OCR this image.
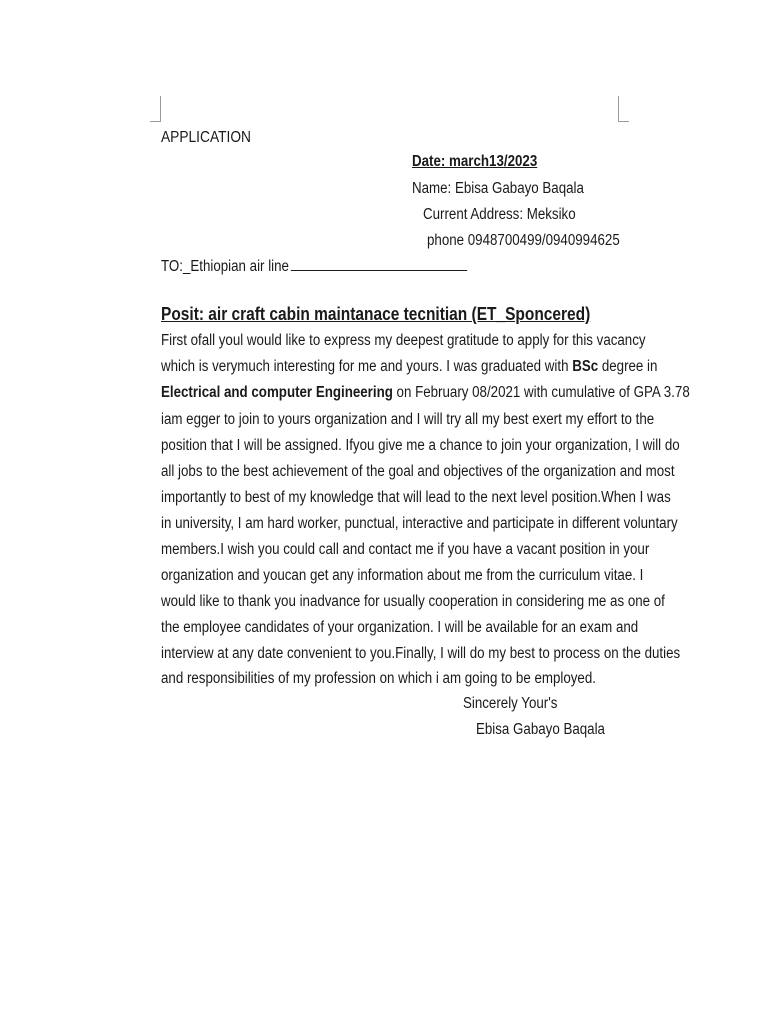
APPLICATION
Date: march13/2023
Name: Ebisa Gabayo Baqala
Current Address: Meksiko
phone 0948700499/0940994625
TO:_Ethiopian air line
Posit: air craft cabin maintanace tecnitian (ET_Sponcered)
First ofall youl would like to express my deepest gratitude to apply for this vacancy
which is verymuch interesting for me and yours. I was graduated with BSc degree in
Electrical and computer Engineering on February 08/2021 with cumulative of GPA 3.78
iam egger to join to yours organization and I will try all my best exert my effort to the
position that I will be assigned. Ifyou give me a chance to join your organization, I will do
all jobs to the best achievement of the goal and objectives of the organization and most
importantly to best of my knowledge that will lead to the next level position.When I was
in university, I am hard worker, punctual, interactive and participate in different voluntary
members.I wish you could call and contact me if you have a vacant position in your
organization and youcan get any information about me from the curriculum vitae. I
would like to thank you inadvance for usually cooperation in considering me as one of
the employee candidates of your organization. I will be available for an exam and
interview at any date convenient to you.Finally, I will do my best to process on the duties
and responsibilities of my profession on which i am going to be employed.
Sincerely Your's
Ebisa Gabayo Baqala
